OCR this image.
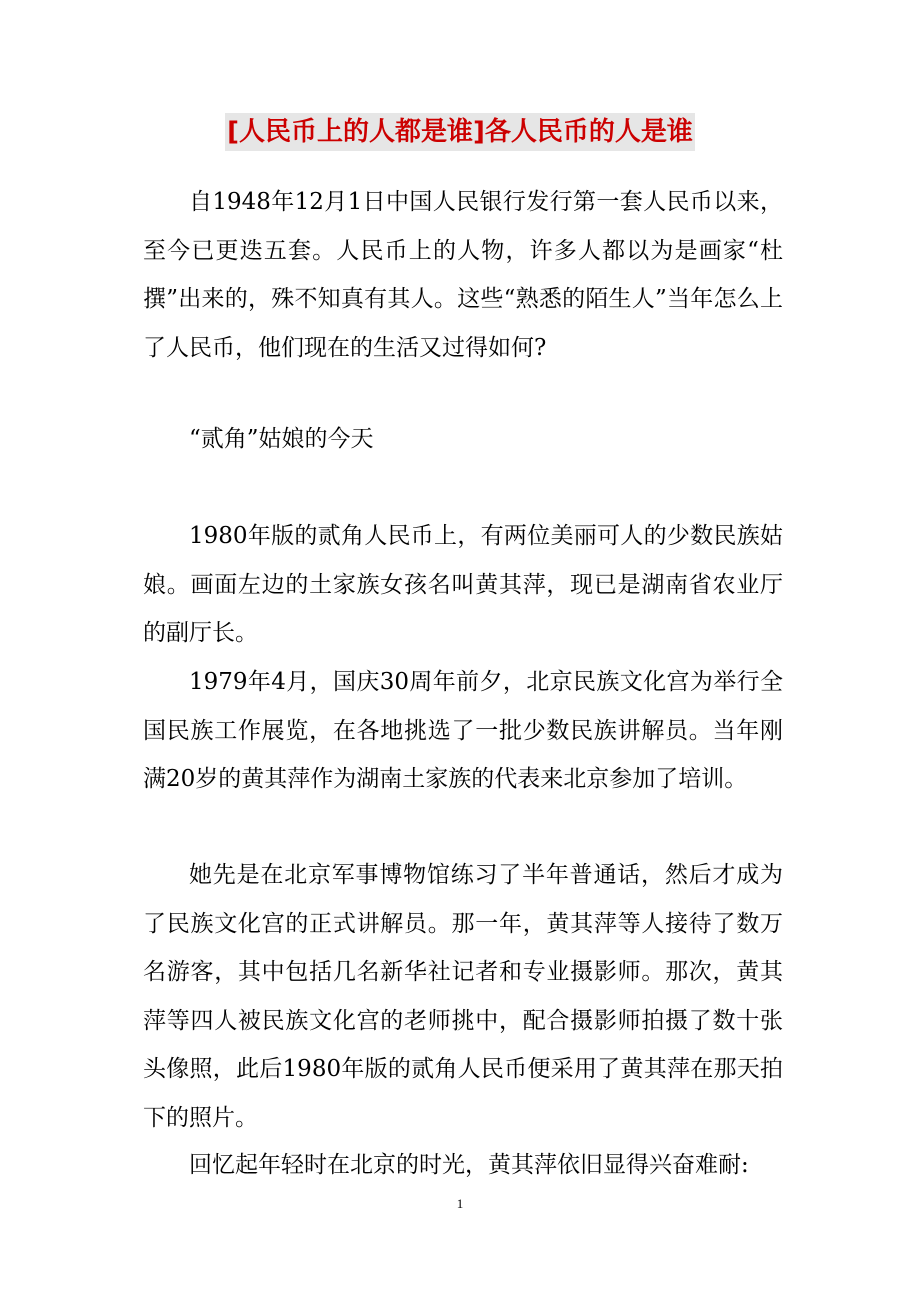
[人民币上的人都是谁]各人民币的人是谁

自1948年12月1日中国人民银行发行第一套人民币以来，至今已更迭五套。人民币上的人物，许多人都以为是画家“杜撰”出来的，殊不知真有其人。这些“熟悉的陌生人”当年怎么上了人民币，他们现在的生活又过得如何?

“贰角”姑娘的今天

1980年版的贰角人民币上，有两位美丽可人的少数民族姑娘。画面左边的土家族女孩名叫黄其萍，现已是湖南省农业厅的副厅长。

1979年4月，国庆30周年前夕，北京民族文化宫为举行全国民族工作展览，在各地挑选了一批少数民族讲解员。当年刚满20岁的黄其萍作为湖南土家族的代表来北京参加了培训。

她先是在北京军事博物馆练习了半年普通话，然后才成为了民族文化宫的正式讲解员。那一年，黄其萍等人接待了数万名游客，其中包括几名新华社记者和专业摄影师。那次，黄其萍等四人被民族文化宫的老师挑中，配合摄影师拍摄了数十张头像照，此后1980年版的贰角人民币便采用了黄其萍在那天拍下的照片。

回忆起年轻时在北京的时光，黄其萍依旧显得兴奋难耐:

1
